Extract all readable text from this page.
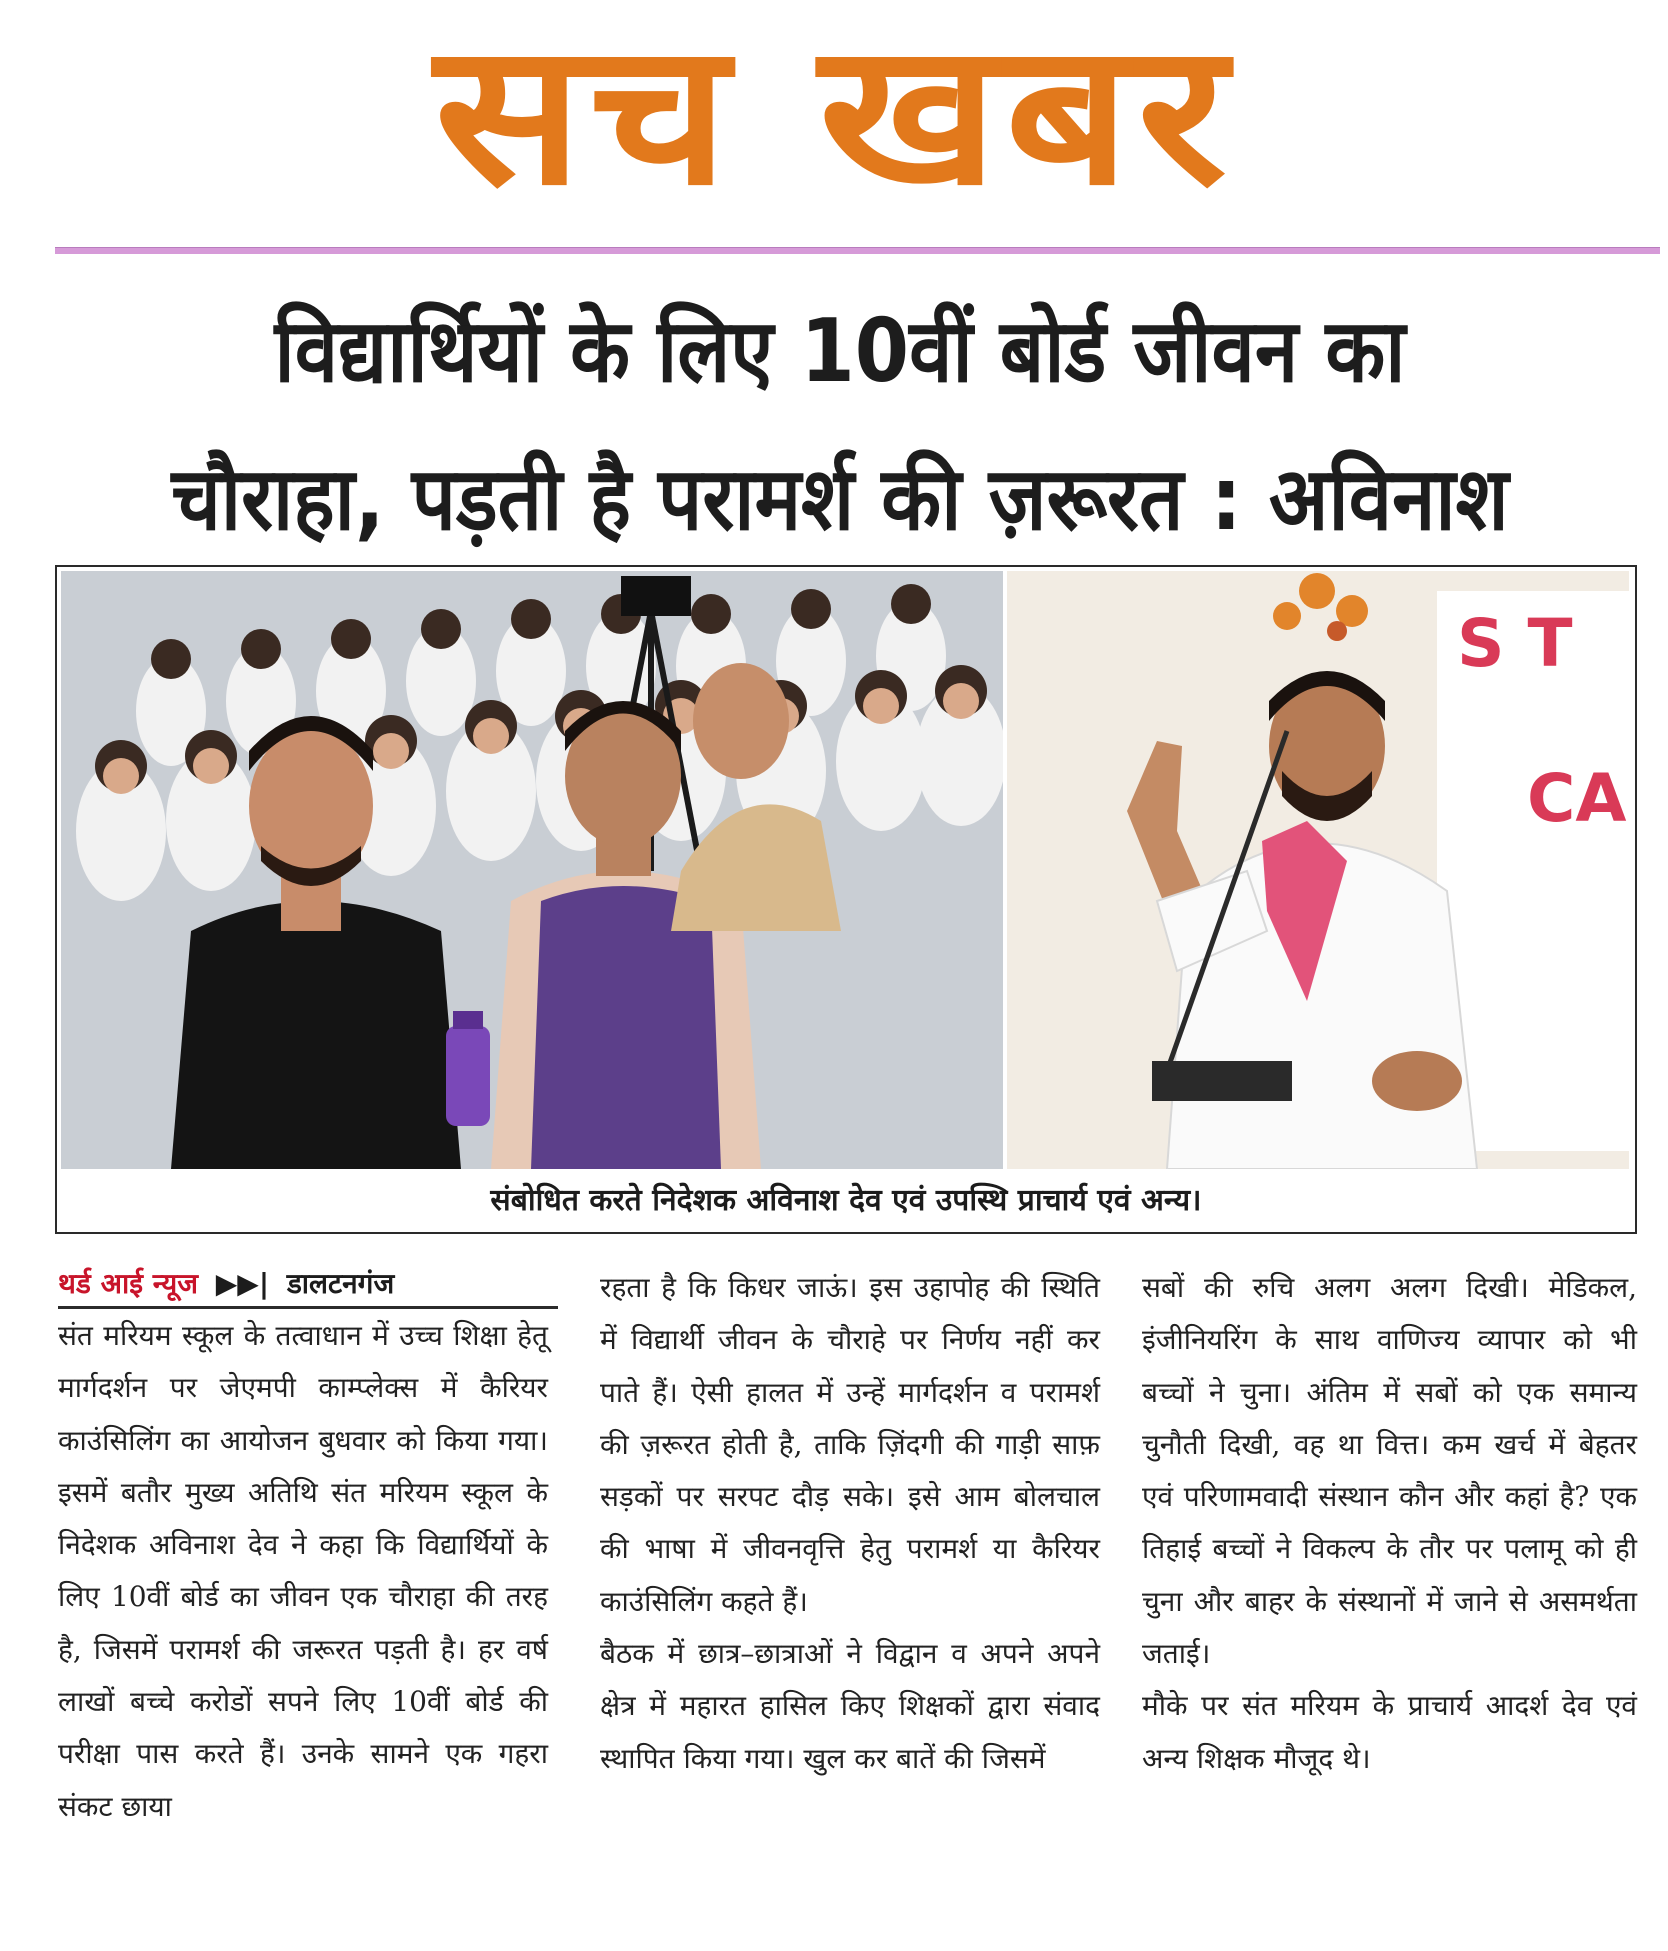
सच खबर
विद्यार्थियों के लिए 10वीं बोर्ड जीवन का
चौराहा, पड़ती है परामर्श की ज़रूरत : अविनाश
S T
CA
संबोधित करते निदेशक अविनाश देव एवं उपस्थि प्राचार्य एवं अन्य।
थर्ड आई न्यूज ▶▶| डालटनगंज

संत मरियम स्कूल के तत्वाधान में उच्च शिक्षा हेतू मार्गदर्शन पर जेएमपी काम्प्लेक्स में कैरियर काउंसिलिंग का आयोजन बुधवार को किया गया। इसमें बतौर मुख्य अतिथि संत मरियम स्कूल के निदेशक अविनाश देव ने कहा कि विद्यार्थियों के लिए 10वीं बोर्ड का जीवन एक चौराहा की तरह है, जिसमें परामर्श की जरूरत पड़ती है। हर वर्ष लाखों बच्चे करोडों सपने लिए 10वीं बोर्ड की परीक्षा पास करते हैं। उनके सामने एक गहरा संकट छाया

रहता है कि किधर जाऊं। इस उहापोह की स्थिति में विद्यार्थी जीवन के चौराहे पर निर्णय नहीं कर पाते हैं। ऐसी हालत में उन्हें मार्गदर्शन व परामर्श की ज़रूरत होती है, ताकि ज़िंदगी की गाड़ी साफ़ सड़कों पर सरपट दौड़ सके। इसे आम बोलचाल की भाषा में जीवनवृत्ति हेतु परामर्श या कैरियर काउंसिलिंग कहते हैं।

बैठक में छात्र–छात्राओं ने विद्वान व अपने अपने क्षेत्र में महारत हासिल किए शिक्षकों द्वारा संवाद स्थापित किया गया। खुल कर बातें की जिसमें

सबों की रुचि अलग अलग दिखी। मेडिकल, इंजीनियरिंग के साथ वाणिज्य व्यापार को भी बच्चों ने चुना। अंतिम में सबों को एक समान्य चुनौती दिखी, वह था वित्त। कम खर्च में बेहतर एवं परिणामवादी संस्थान कौन और कहां है? एक तिहाई बच्चों ने विकल्प के तौर पर पलामू को ही चुना और बाहर के संस्थानों में जाने से असमर्थता जताई।

मौके पर संत मरियम के प्राचार्य आदर्श देव एवं अन्य शिक्षक मौजूद थे।
